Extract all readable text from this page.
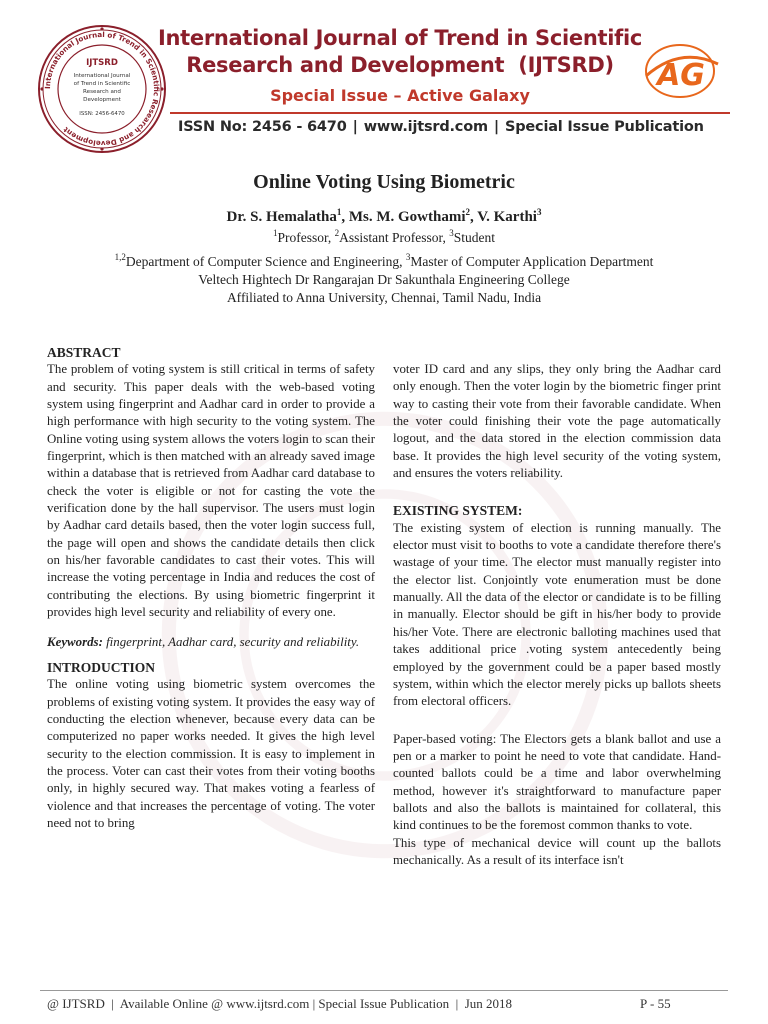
International Journal of Trend in Scientific Research and Development
IJTSRD
International Journal
of Trend in Scientific
Research and
Development
ISSN: 2456-6470
International Journal of Trend in Scientific
Research and Development  (IJTSRD)
Special Issue – Active Galaxy
ISSN No: 2456 - 6470 | www.ijtsrd.com | Special Issue Publication
AG
Online Voting Using Biometric
Dr. S. Hemalatha$^1$, Ms. M. Gowthami$^2$, V. Karthi$^3$
$^1$Professor, $^2$Assistant Professor, $^3$Student
$^{1,2}$Department of Computer Science and Engineering, $^3$Master of Computer Application Department
Veltech Hightech Dr Rangarajan Dr Sakunthala Engineering College
Affiliated to Anna University, Chennai, Tamil Nadu, India
ABSTRACT
The problem of voting system is still critical in terms of safety and security. This paper deals with the web-based voting system using fingerprint and Aadhar card in order to provide a high performance with high security to the voting system. The Online voting using system allows the voters login to scan their fingerprint, which is then matched with an already saved image within a database that is retrieved from Aadhar card database to check the voter is eligible or not for casting the vote the verification done by the hall supervisor. The users must login by Aadhar card details based, then the voter login success full, the page will open and shows the candidate details then click on his/her favorable candidates to cast their votes. This will increase the voting percentage in India and reduces the cost of contributing the elections. By using biometric fingerprint it provides high level security and reliability of every one.
Keywords: fingerprint, Aadhar card, security and reliability.
INTRODUCTION
The online voting using biometric system overcomes the problems of existing voting system. It provides the easy way of conducting the election whenever, because every data can be computerized no paper works needed. It gives the high level security to the election commission. It is easy to implement in the process. Voter can cast their votes from their voting booths only, in highly secured way. That makes voting a fearless of violence and that increases the percentage of voting. The voter need not to bring
voter ID card and any slips, they only bring the Aadhar card only enough. Then the voter login by the biometric finger print way to casting their vote from their favorable candidate. When the voter could finishing their vote the page automatically logout, and the data stored in the election commission data base. It provides the high level security of the voting system, and ensures the voters reliability.
EXISTING SYSTEM:
The existing system of election is running manually. The elector must visit to booths to vote a candidate therefore there's wastage of your time. The elector must manually register into the elector list. Conjointly vote enumeration must be done manually. All the data of the elector or candidate is to be filling in manually. Elector should be gift in his/her body to provide his/her Vote. There are electronic balloting machines used that takes additional price .voting system antecedently being employed by the government could be a paper based mostly system, within which the elector merely picks up ballots sheets from electoral officers.
Paper-based voting: The Electors gets a blank ballot and use a pen or a marker to point he need to vote that candidate. Hand-counted ballots could be a time and labor overwhelming method, however it's straightforward to manufacture paper ballots and also the ballots is maintained for collateral, this kind continues to be the foremost common thanks to vote.
This type of mechanical device will count up the ballots mechanically. As a result of its interface isn't
@ IJTSRD  |  Available Online @ www.ijtsrd.com | Special Issue Publication  |  Jun 2018	P - 55
